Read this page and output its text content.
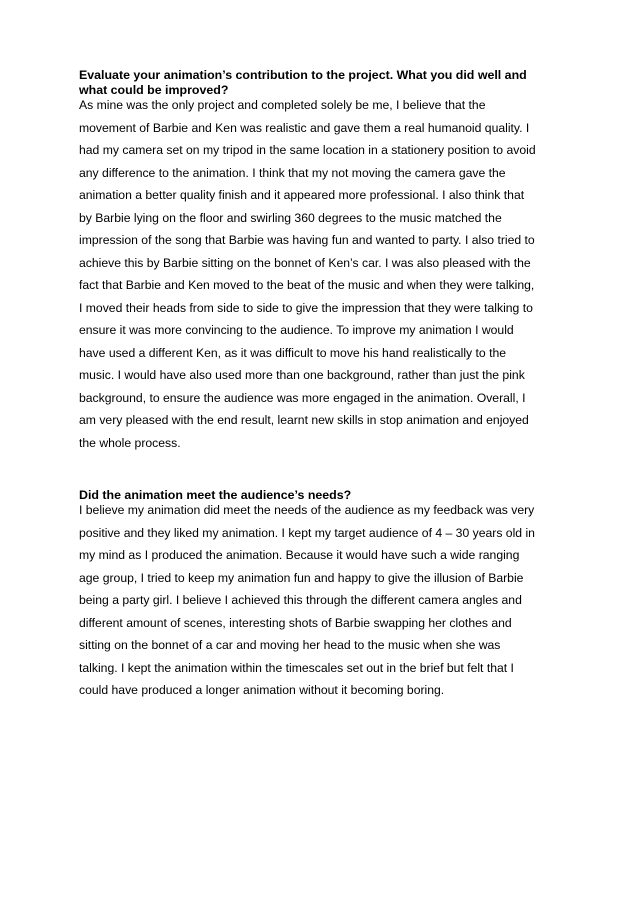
Evaluate your animation’s contribution to the project. What you did well and
what could be improved?
As mine was the only project and completed solely be me, I believe that the
movement of Barbie and Ken was realistic and gave them a real humanoid quality. I
had my camera set on my tripod in the same location in a stationery position to avoid
any difference to the animation. I think that my not moving the camera gave the
animation a better quality finish and it appeared more professional. I also think that
by Barbie lying on the floor and swirling 360 degrees to the music matched the
impression of the song that Barbie was having fun and wanted to party. I also tried to
achieve this by Barbie sitting on the bonnet of Ken’s car. I was also pleased with the
fact that Barbie and Ken moved to the beat of the music and when they were talking,
I moved their heads from side to side to give the impression that they were talking to
ensure it was more convincing to the audience. To improve my animation I would
have used a different Ken, as it was difficult to move his hand realistically to the
music. I would have also used more than one background, rather than just the pink
background, to ensure the audience was more engaged in the animation. Overall, I
am very pleased with the end result, learnt new skills in stop animation and enjoyed
the whole process.
Did the animation meet the audience’s needs?
I believe my animation did meet the needs of the audience as my feedback was very
positive and they liked my animation. I kept my target audience of 4 – 30 years old in
my mind as I produced the animation. Because it would have such a wide ranging
age group, I tried to keep my animation fun and happy to give the illusion of Barbie
being a party girl. I believe I achieved this through the different camera angles and
different amount of scenes, interesting shots of Barbie swapping her clothes and
sitting on the bonnet of a car and moving her head to the music when she was
talking. I kept the animation within the timescales set out in the brief but felt that I
could have produced a longer animation without it becoming boring.
